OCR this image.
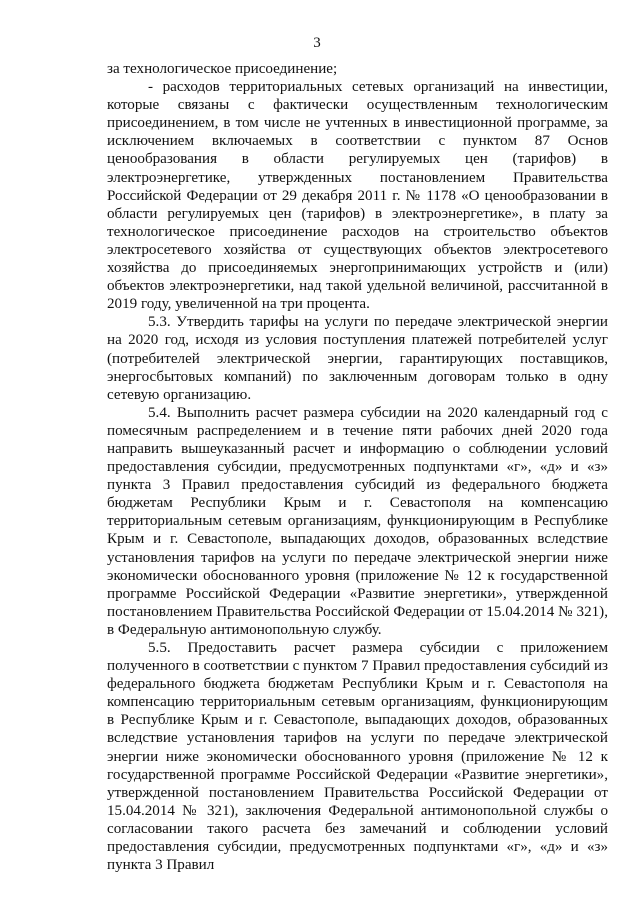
3

за технологическое присоединение;

- расходов территориальных сетевых организаций на инвестиции, которые связаны с фактически осуществленным технологическим присоединением, в том числе не учтенных в инвестиционной программе, за исключением включаемых в соответствии с пунктом 87 Основ ценообразования в области регулируемых цен (тарифов) в электроэнергетике, утвержденных постановлением Правительства Российской Федерации от 29 декабря 2011 г. № 1178 «О ценообразовании в области регулируемых цен (тарифов) в электроэнергетике», в плату за технологическое присоединение расходов на строительство объектов электросетевого хозяйства от существующих объектов электросетевого хозяйства до присоединяемых энергопринимающих устройств и (или) объектов электроэнергетики, над такой удельной величиной, рассчитанной в 2019 году, увеличенной на три процента.

5.3. Утвердить тарифы на услуги по передаче электрической энергии на 2020 год, исходя из условия поступления платежей потребителей услуг (потребителей электрической энергии, гарантирующих поставщиков, энергосбытовых компаний) по заключенным договорам только в одну сетевую организацию.

5.4. Выполнить расчет размера субсидии на 2020 календарный год с помесячным распределением и в течение пяти рабочих дней 2020 года направить вышеуказанный расчет и информацию о соблюдении условий предоставления субсидии, предусмотренных подпунктами «г», «д» и «з» пункта 3 Правил предоставления субсидий из федерального бюджета бюджетам Республики Крым и г. Севастополя на компенсацию территориальным сетевым организациям, функционирующим в Республике Крым и г. Севастополе, выпадающих доходов, образованных вследствие установления тарифов на услуги по передаче электрической энергии ниже экономически обоснованного уровня (приложение № 12 к государственной программе Российской Федерации «Развитие энергетики», утвержденной постановлением Правительства Российской Федерации от 15.04.2014 № 321), в Федеральную антимонопольную службу.

5.5. Предоставить расчет размера субсидии с приложением полученного в соответствии с пунктом 7 Правил предоставления субсидий из федерального бюджета бюджетам Республики Крым и г. Севастополя на компенсацию территориальным сетевым организациям, функционирующим в Республике Крым и г. Севастополе, выпадающих доходов, образованных вследствие установления тарифов на услуги по передаче электрической энергии ниже экономически обоснованного уровня (приложение № 12 к государственной программе Российской Федерации «Развитие энергетики», утвержденной постановлением Правительства Российской Федерации от 15.04.2014 № 321), заключения Федеральной антимонопольной службы о согласовании такого расчета без замечаний и соблюдении условий предоставления субсидии, предусмотренных подпунктами «г», «д» и «з» пункта 3 Правил
